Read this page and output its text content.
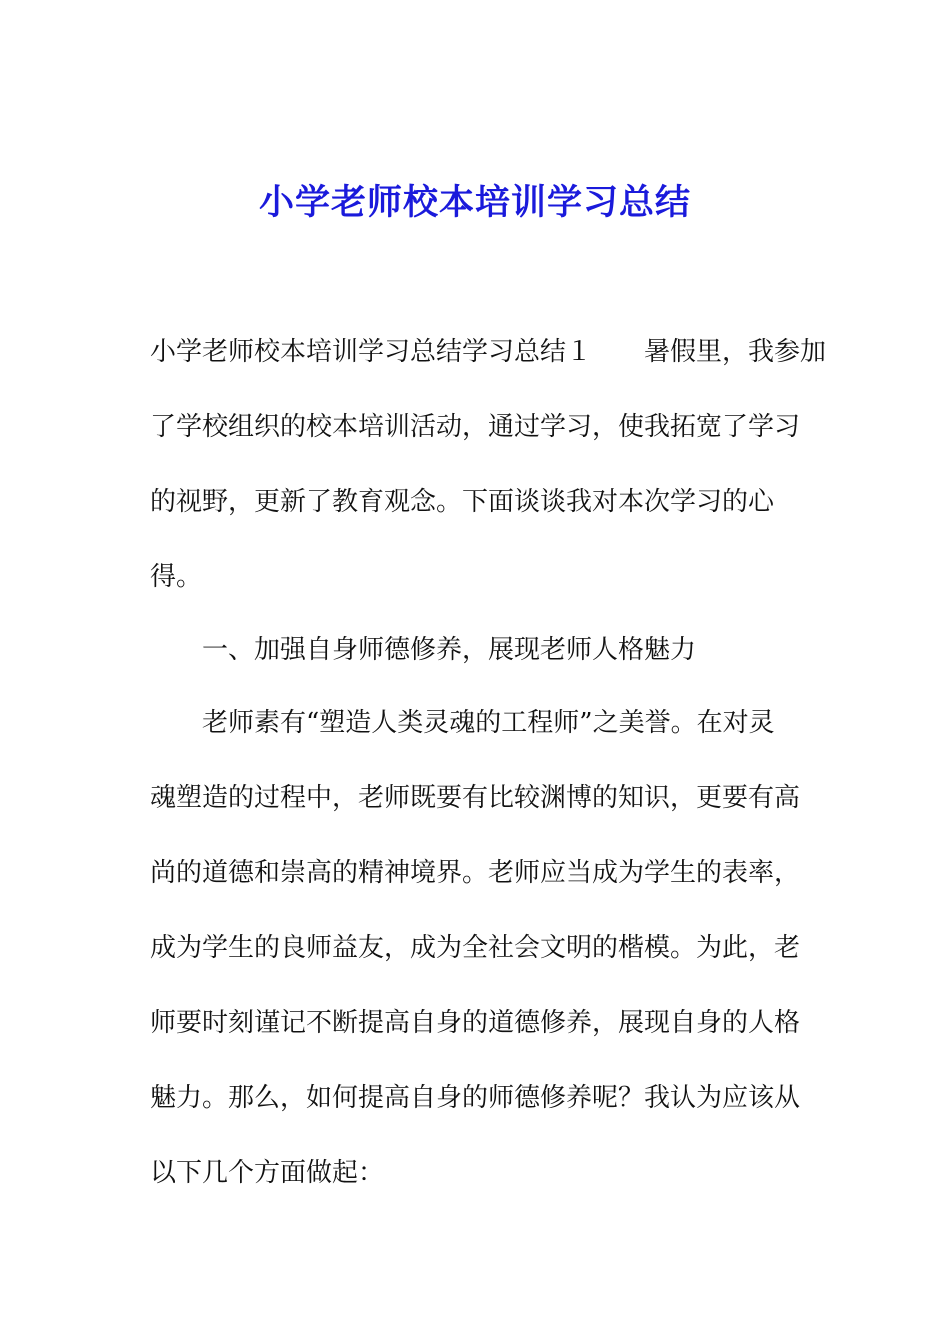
小学老师校本培训学习总结
小学老师校本培训学习总结学习总结１　　暑假里，我参加
了学校组织的校本培训活动，通过学习，使我拓宽了学习
的视野，更新了教育观念。下面谈谈我对本次学习的心
得。
一、加强自身师德修养，展现老师人格魅力
老师素有“塑造人类灵魂的工程师”之美誉。在对灵
魂塑造的过程中，老师既要有比较渊博的知识，更要有高
尚的道德和崇高的精神境界。老师应当成为学生的表率，
成为学生的良师益友，成为全社会文明的楷模。为此，老
师要时刻谨记不断提高自身的道德修养，展现自身的人格
魅力。那么，如何提高自身的师德修养呢？我认为应该从
以下几个方面做起：
